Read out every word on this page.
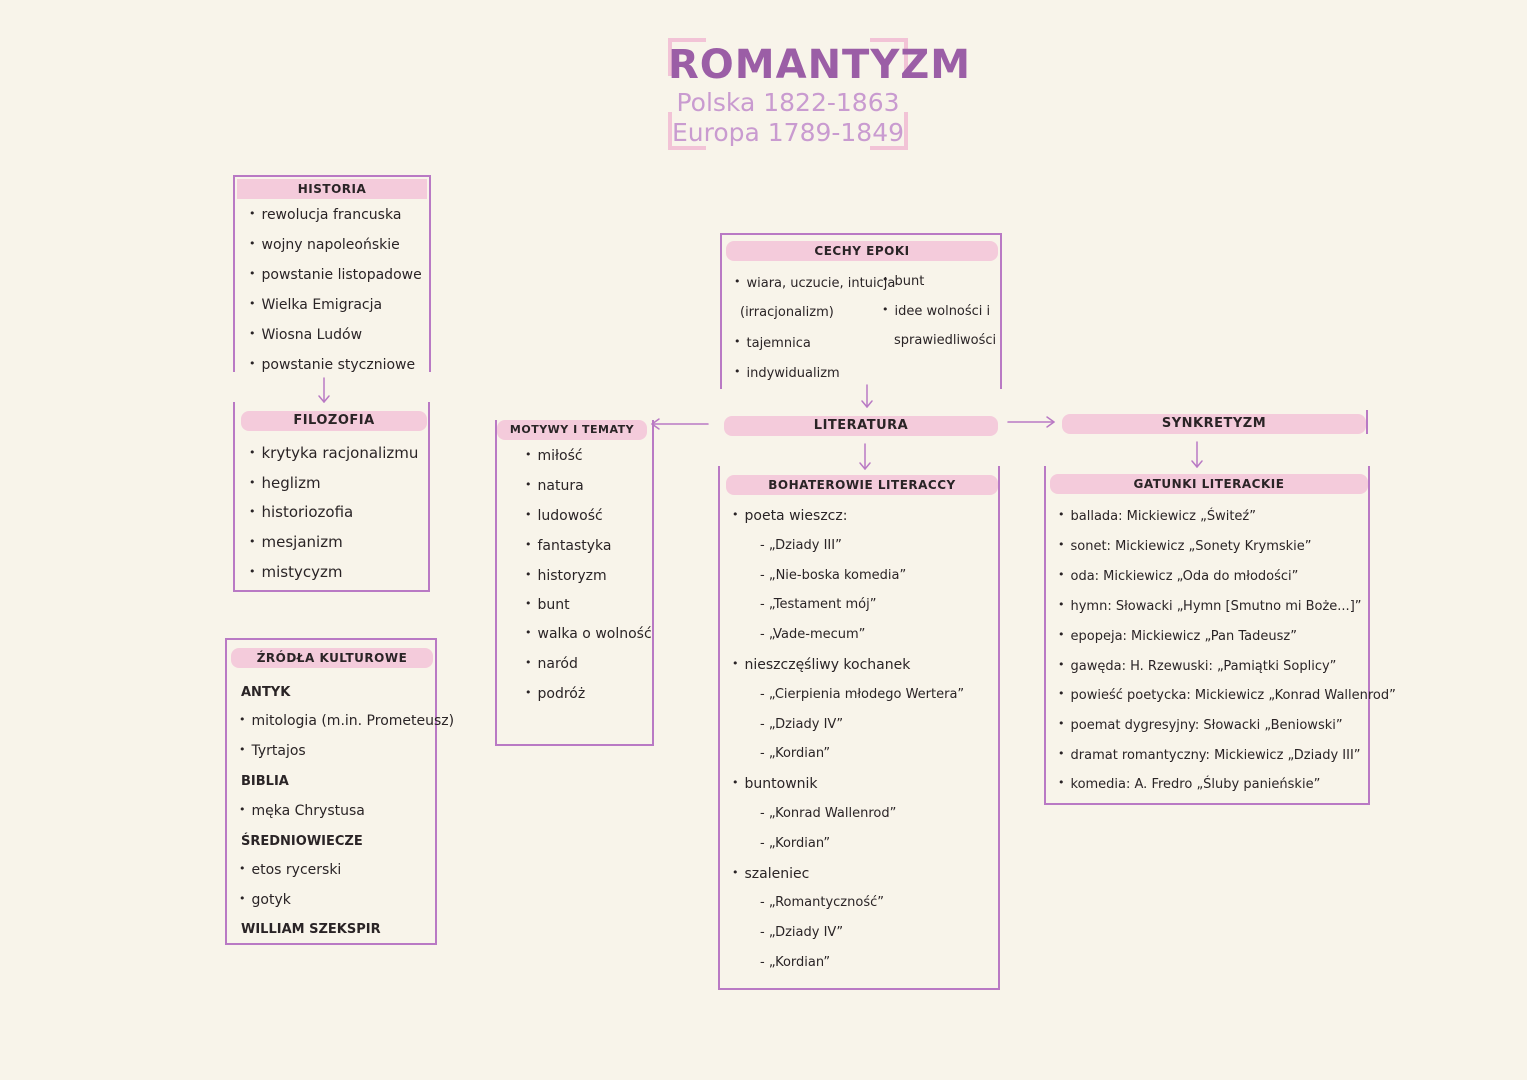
ROMANTYZM
Polska 1822-1863
Europa 1789-1849
HISTORIA
• rewolucja francuska
• wojny napoleońskie
• powstanie listopadowe
• Wielka Emigracja
• Wiosna Ludów
• powstanie styczniowe
FILOZOFIA
• krytyka racjonalizmu
• heglizm
• historiozofia
• mesjanizm
• mistycyzm
ŹRÓDŁA KULTUROWE
ANTYK
• mitologia (m.in. Prometeusz)
• Tyrtajos
BIBLIA
• męka Chrystusa
ŚREDNIOWIECZE
• etos rycerski
• gotyk
WILLIAM SZEKSPIR
MOTYWY I TEMATY
• miłość
• natura
• ludowość
• fantastyka
• historyzm
• bunt
• walka o wolność
• naród
• podróż
CECHY EPOKI
• wiara, uczucie, intuicja
(irracjonalizm)
• tajemnica
• indywidualizm
• bunt
• idee wolności i
sprawiedliwości
LITERATURA	SYNKRETYZM
BOHATEROWIE LITERACCY
• poeta wieszcz:
- „Dziady III”
- „Nie-boska komedia”
- „Testament mój”
- „Vade-mecum”
• nieszczęśliwy kochanek
- „Cierpienia młodego Wertera”
- „Dziady IV”
- „Kordian”
• buntownik
- „Konrad Wallenrod”
- „Kordian”
• szaleniec
- „Romantyczność”
- „Dziady IV”
- „Kordian”
GATUNKI LITERACKIE
• ballada: Mickiewicz „Świteź”
• sonet: Mickiewicz „Sonety Krymskie”
• oda: Mickiewicz „Oda do młodości”
• hymn: Słowacki „Hymn [Smutno mi Boże...]”
• epopeja: Mickiewicz „Pan Tadeusz”
• gawęda: H. Rzewuski: „Pamiątki Soplicy”
• powieść poetycka: Mickiewicz „Konrad Wallenrod”
• poemat dygresyjny: Słowacki „Beniowski”
• dramat romantyczny: Mickiewicz „Dziady III”
• komedia: A. Fredro „Śluby panieńskie”
